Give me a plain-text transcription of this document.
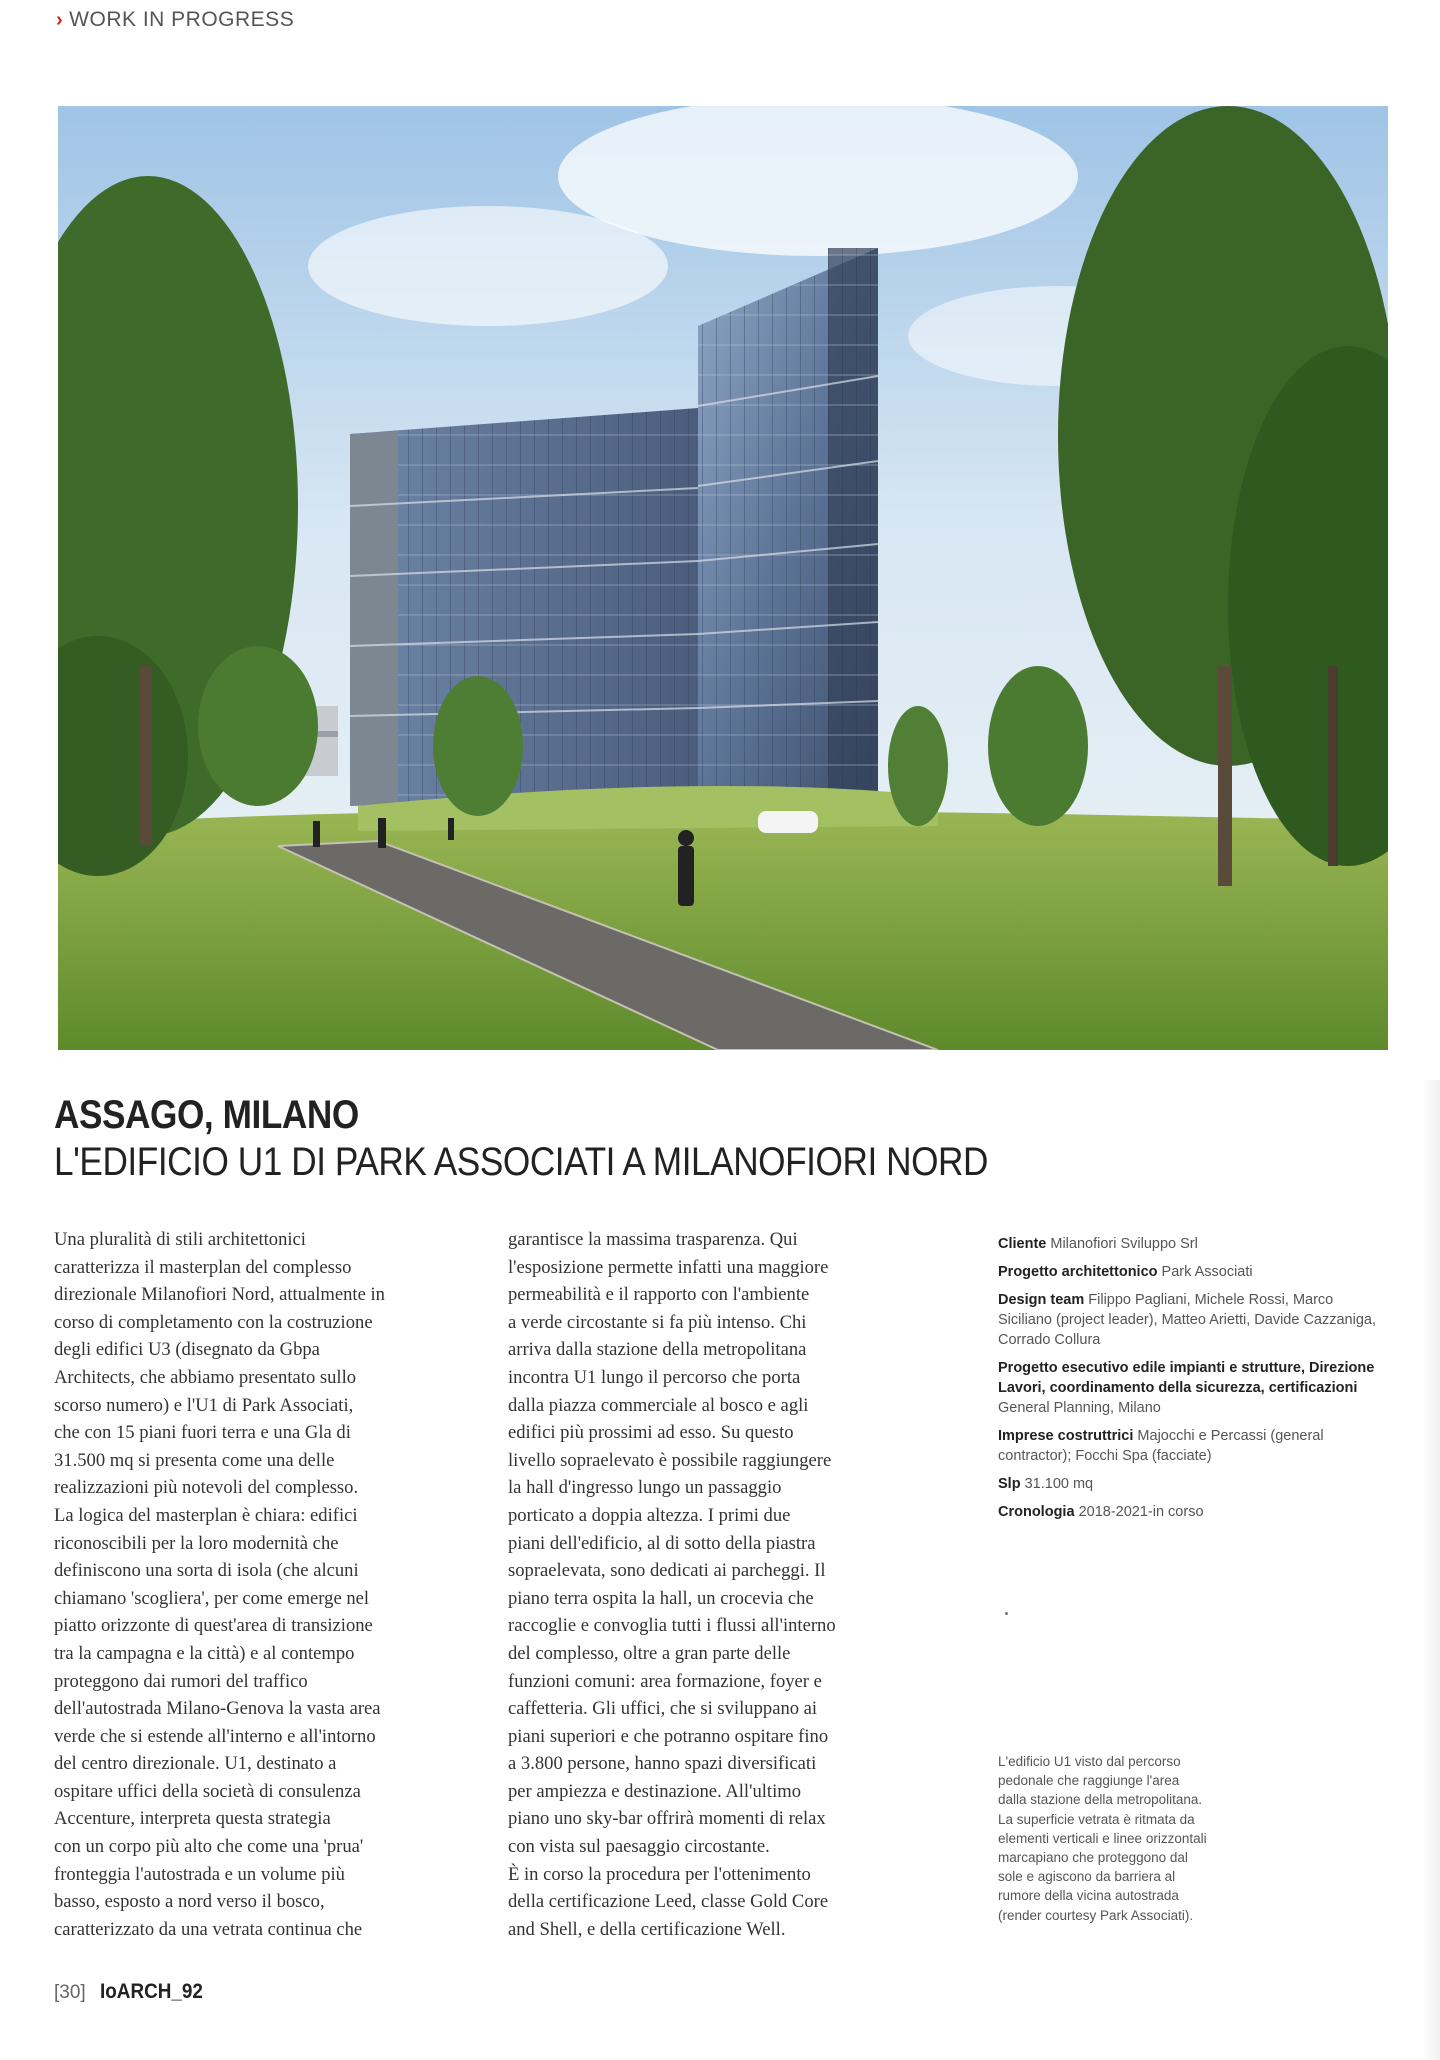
› WORK IN PROGRESS
ASSAGO, MILANO
L'EDIFICIO U1 DI PARK ASSOCIATI A MILANOFIORI NORD

Una pluralità di stili architettonici
caratterizza il masterplan del complesso
direzionale Milanofiori Nord, attualmente in
corso di completamento con la costruzione
degli edifici U3 (disegnato da Gbpa
Architects, che abbiamo presentato sullo
scorso numero) e l'U1 di Park Associati,
che con 15 piani fuori terra e una Gla di
31.500 mq si presenta come una delle
realizzazioni più notevoli del complesso.
La logica del masterplan è chiara: edifici
riconoscibili per la loro modernità che
definiscono una sorta di isola (che alcuni
chiamano 'scogliera', per come emerge nel
piatto orizzonte di quest'area di transizione
tra la campagna e la città) e al contempo
proteggono dai rumori del traffico
dell'autostrada Milano-Genova la vasta area
verde che si estende all'interno e all'intorno
del centro direzionale. U1, destinato a
ospitare uffici della società di consulenza
Accenture, interpreta questa strategia
con un corpo più alto che come una 'prua'
fronteggia l'autostrada e un volume più
basso, esposto a nord verso il bosco,
caratterizzato da una vetrata continua che

garantisce la massima trasparenza. Qui
l'esposizione permette infatti una maggiore
permeabilità e il rapporto con l'ambiente
a verde circostante si fa più intenso. Chi
arriva dalla stazione della metropolitana
incontra U1 lungo il percorso che porta
dalla piazza commerciale al bosco e agli
edifici più prossimi ad esso. Su questo
livello sopraelevato è possibile raggiungere
la hall d'ingresso lungo un passaggio
porticato a doppia altezza. I primi due
piani dell'edificio, al di sotto della piastra
sopraelevata, sono dedicati ai parcheggi. Il
piano terra ospita la hall, un crocevia che
raccoglie e convoglia tutti i flussi all'interno
del complesso, oltre a gran parte delle
funzioni comuni: area formazione, foyer e
caffetteria. Gli uffici, che si sviluppano ai
piani superiori e che potranno ospitare fino
a 3.800 persone, hanno spazi diversificati
per ampiezza e destinazione. All'ultimo
piano uno sky-bar offrirà momenti di relax
con vista sul paesaggio circostante.
È in corso la procedura per l'ottenimento
della certificazione Leed, classe Gold Core
and Shell, e della certificazione Well.

Cliente Milanofiori Sviluppo Srl
Progetto architettonico Park Associati
Design team Filippo Pagliani, Michele Rossi, Marco Siciliano (project leader), Matteo Arietti, Davide Cazzaniga, Corrado Collura
Progetto esecutivo edile impianti e strutture, Direzione Lavori, coordinamento della sicurezza, certificazioni General Planning, Milano
Imprese costruttrici Majocchi e Percassi (general contractor); Focchi Spa (facciate)
Slp 31.100 mq
Cronologia 2018-2021-in corso
L'edificio U1 visto dal percorso
pedonale che raggiunge l'area
dalla stazione della metropolitana.
La superficie vetrata è ritmata da
elementi verticali e linee orizzontali
marcapiano che proteggono dal
sole e agiscono da barriera al
rumore della vicina autostrada
(render courtesy Park Associati).
[30] IoARCH_92
